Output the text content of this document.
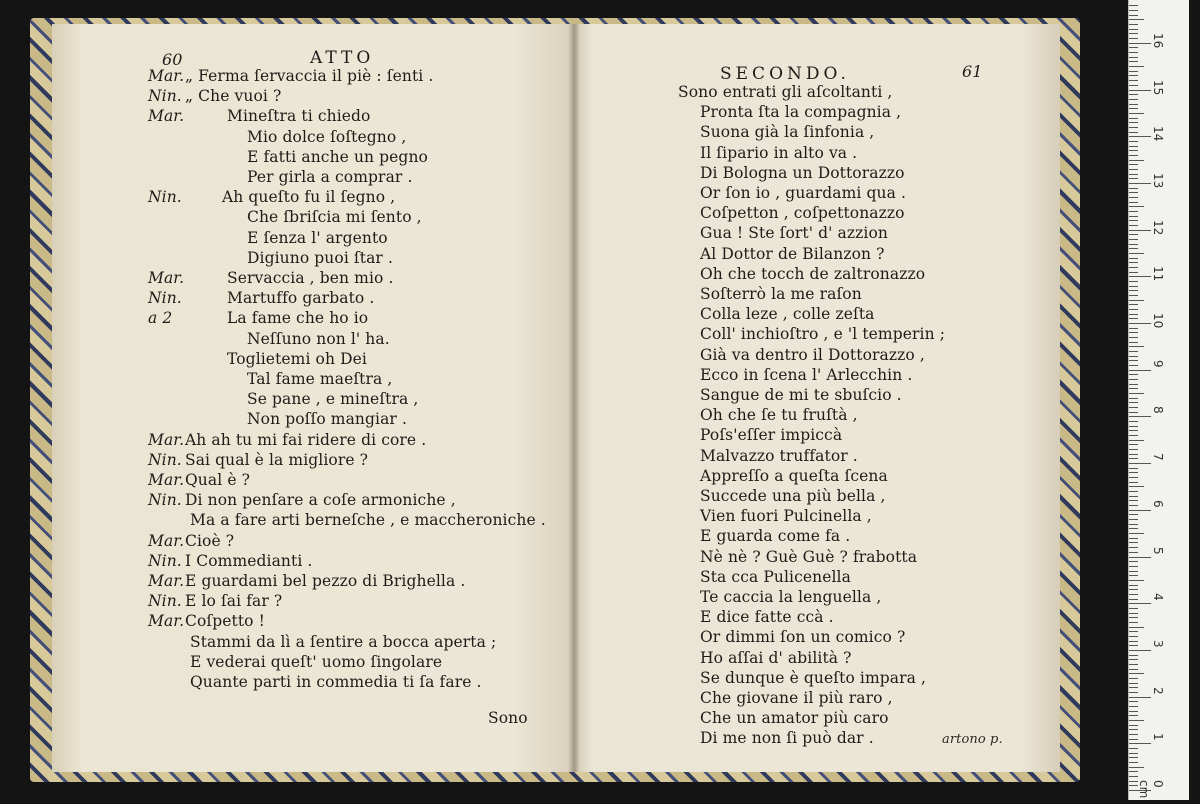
60	ATTO
Mar. „ Ferma ſervaccia il piè : ſenti .
Nin. „ Che vuoi ?
Mar.	Mineſtra ti chiedo
Mio dolce ſoſtegno ,
E fatti anche un pegno
Per girla a comprar .
Nin.	Ah queſto fu il ſegno ,
Che ſbriſcia mi ſento ,
E ſenza l' argento
Digiuno puoi ſtar .
Mar.	Servaccia , ben mio .
Nin.	Martuffo garbato .
a 2	La fame che ho io
Neſſuno non l' ha.
Toglietemi oh Dei
Tal fame maeſtra ,
Se pane , e mineſtra ,
Non poſſo mangiar .
Mar. Ah ah tu mi fai ridere di core .
Nin. Sai qual è la migliore ?
Mar. Qual è ?
Nin. Di non penſare a coſe armoniche ,
Ma a fare arti berneſche , e maccheroniche .
Mar. Cioè ?
Nin. I Commedianti .
Mar. E guardami bel pezzo di Brighella .
Nin. E lo ſai far ?
Mar. Coſpetto !
Stammi da lì a ſentire a bocca aperta ;
E vederai queſt' uomo ſingolare
Quante parti in commedia ti ſa fare .
Sono
SECONDO.	61
Sono entrati gli aſcoltanti ,
Pronta ſta la compagnia ,
Suona già la ſinfonia ,
Il ſipario in alto va .
Di Bologna un Dottorazzo
Or ſon io , guardami qua .
Coſpetton , coſpettonazzo
Gua ! Ste ſort' d' azzion
Al Dottor de Bilanzon ?
Oh che tocch de zaltronazzo
Soſterrò la me raſon
Colla leze , colle zeſta
Coll' inchioſtro , e 'l temperin ;
Già va dentro il Dottorazzo ,
Ecco in ſcena l' Arlecchin .
Sangue de mi te sbuſcio .
Oh che ſe tu fruſtà ,
Poſs'eſſer impiccà
Malvazzo truffator .
Appreſſo a queſta ſcena
Succede una più bella ,
Vien fuori Pulcinella ,
E guarda come fa .
Nè nè ? Guè Guè ? frabotta
Sta cca Pulicenella
Te caccia la lenguella ,
E dice fatte ccà .
Or dimmi ſon un comico ?
Ho aſſai d' abilità ?
Se dunque è queſto impara ,
Che giovane il più raro ,
Che un amator più caro
Di me non ſi può dar .	artono p.
0 cm
1
2
3
4
5
6
7
8
9
10
11
12
13
14
15
16
